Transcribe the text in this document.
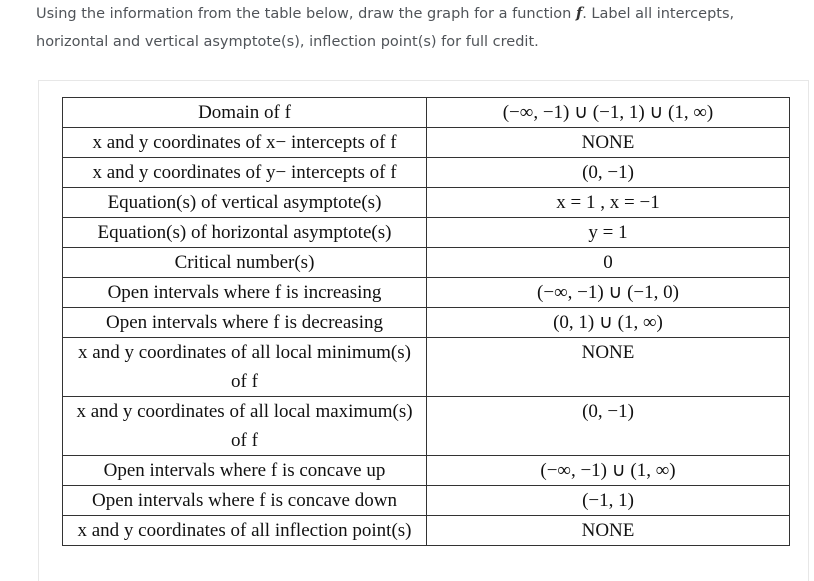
Using the information from the table below, draw the graph for a function f. Label all intercepts, horizontal and vertical asymptote(s), inflection point(s) for full credit.
Domain of f	(−∞, −1) ∪ (−1, 1) ∪ (1, ∞)
x and y coordinates of x− intercepts of f	NONE
x and y coordinates of y− intercepts of f	(0, −1)
Equation(s) of vertical asymptote(s)	x = 1 , x = −1
Equation(s) of horizontal asymptote(s)	y = 1
Critical number(s)	0
Open intervals where f is increasing	(−∞, −1) ∪ (−1, 0)
Open intervals where f is decreasing	(0, 1) ∪ (1, ∞)
x and y coordinates of all local minimum(s) of f	NONE
x and y coordinates of all local maximum(s) of f	(0, −1)
Open intervals where f is concave up	(−∞, −1) ∪ (1, ∞)
Open intervals where f is concave down	(−1, 1)
x and y coordinates of all inflection point(s)	NONE
